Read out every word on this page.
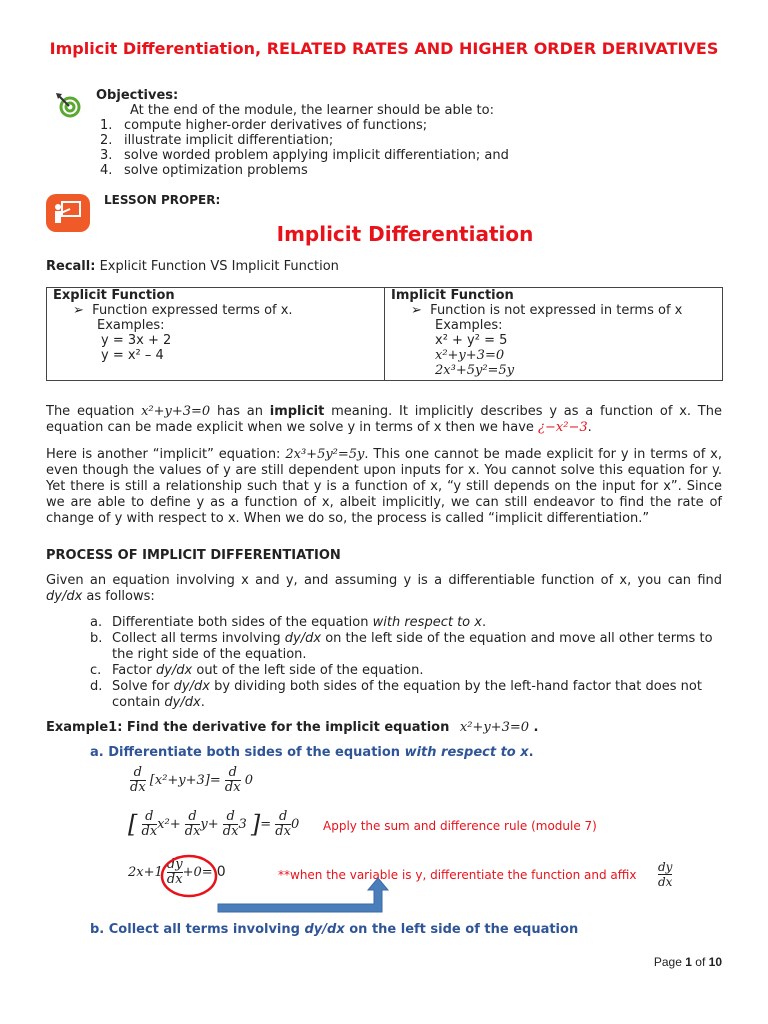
Implicit Differentiation, RELATED RATES AND HIGHER ORDER DERIVATIVES
Objectives:
At the end of the module, the learner should be able to:
1. compute higher-order derivatives of functions;
2. illustrate implicit differentiation;
3. solve worded problem applying implicit differentiation; and
4. solve optimization problems
LESSON PROPER:
Implicit Differentiation
Recall: Explicit Function VS Implicit Function
Explicit Function
➢  Function expressed terms of x.
Examples:
y = 3x + 2
y = x² – 4

Implicit Function
➢  Function is not expressed in terms of x
Examples:
x² + y² = 5
x²+y+3=0
2x³+5y²=5y

The equation x²+y+3=0 has an implicit meaning. It implicitly describes y as a function of x. The equation can be made explicit when we solve y in terms of x then we have ¿−x²−3.

Here is another “implicit” equation: 2x³+5y²=5y. This one cannot be made explicit for y in terms of x, even though the values of y are still dependent upon inputs for x. You cannot solve this equation for y. Yet there is still a relationship such that y is a function of x, “y still depends on the input for x”. Since we are able to define y as a function of x, albeit implicitly, we can still endeavor to find the rate of change of y with respect to x. When we do so, the process is called “implicit differentiation.”

PROCESS OF IMPLICIT DIFFERENTIATION

Given an equation involving x and y, and assuming y is a differentiable function of x, you can find dy/dx as follows:

a. Differentiate both sides of the equation with respect to x.
b. Collect all terms involving dy/dx on the left side of the equation and move all other terms to the right side of the equation.
c. Factor dy/dx out of the left side of the equation.
d. Solve for dy/dx by dividing both sides of the equation by the left-hand factor that does not contain dy/dx.
Example1: Find the derivative for the implicit equation x²+y+3=0 .
a. Differentiate both sides of the equation with respect to x.
$\frac{d}{dx} [x^2+y+3]= \frac{d}{dx} 0$
[ $\frac{d}{dx} x^2+ \frac{d}{dx} y+ \frac{d}{dx} 3$ ]= $\frac{d}{dx} 0$ Apply the sum and difference rule (module 7)
$2x+1 \frac{dy}{dx} +0= 0$	**when the variable is y, differentiate the function and affix
dy
dx
b. Collect all terms involving dy/dx on the left side of the equation
Page 1 of 10
